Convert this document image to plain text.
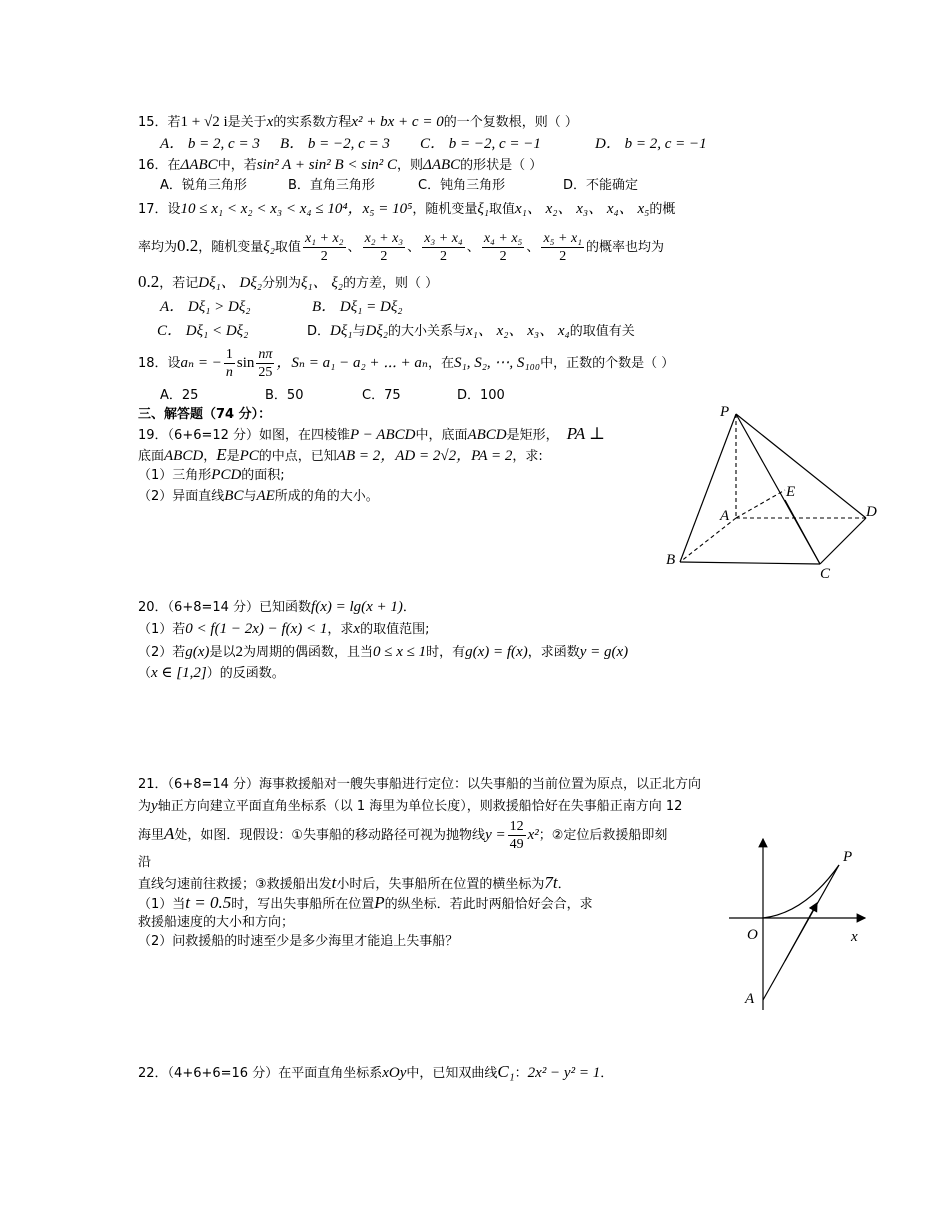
15．若1 + √2 i是关于x的实系数方程x² + bx + c = 0的一个复数根，则（ ）
A． b = 2, c = 3 B． b = −2, c = 3 C． b = −2, c = −1	D． b = 2, c = −1
16．在ΔABC中，若sin² A + sin² B < sin² C，则ΔABC的形状是（ ）
A．锐角三角形	B．直角三角形	C．钝角三角形	D．不能确定
17．设10 ≤ x₁ < x₂ < x₃ < x₄ ≤ 10⁴，x₅ = 10⁵，随机变量ξ₁取值x₁、 x₂、 x₃、 x₄、 x₅的概
率均为0.2，随机变量ξ₂取值 $\frac{\text{x₁ + x₂}}{2}$ 、 $\frac{\text{x₂ + x₃}}{2}$ 、 $\frac{\text{x₃ + x₄}}{2}$ 、 $\frac{\text{x₄ + x₅}}{2}$ 、 $\frac{\text{x₅ + x₁}}{2}$ 的概率也均为
0.2，若记Dξ₁、 Dξ₂分别为ξ₁、 ξ₂的方差，则（ ）
A． Dξ₁ > Dξ₂	B． Dξ₁ = Dξ₂
C． Dξ₁ < Dξ₂	D．Dξ₁与Dξ₂的大小关系与x₁、 x₂、 x₃、 x₄的取值有关
18．设aₙ = − $\frac{1}{n}$ $\sin \frac{n\pi}{25}$ ，Sₙ = a₁ − a₂ + ⋯ + aₙ，在S₁, S₂, ⋯, S₁₀₀中，正数的个数是（ ）
A．25	B．50	C．75	D．100
三、解答题（74 分）：
19．（6+6=12 分）如图，在四棱锥P − ABCD中，底面ABCD是矩形， PA ⊥
底面ABCD，E是PC的中点，已知AB = 2，AD = 2√2，PA = 2，求:
（1）三角形PCD的面积;
（2）异面直线BC与AE所成的角的大小。
P
A
B
C
D
E
20．（6+8=14 分）已知函数f(x) = lg(x + 1)．
（1）若0 < f(1 − 2x) − f(x) < 1，求x的取值范围;
（2）若g(x)是以2为周期的偶函数，且当0 ≤ x ≤ 1时，有g(x) = f(x)，求函数y = g(x)
（x ∈ [1,2]）的反函数。
21．（6+8=14 分）海事救援船对一艘失事船进行定位：以失事船的当前位置为原点，以正北方向
为y轴正方向建立平面直角坐标系（以 1 海里为单位长度），则救援船恰好在失事船正南方向 12
海里A处，如图．现假设：①失事船的移动路径可视为抛物线$y = \frac{12}{49} x^2$；②定位后救援船即刻
沿
直线匀速前往救援；③救援船出发t小时后，失事船所在位置的横坐标为7t．
（1）当t = 0.5时，写出失事船所在位置P的纵坐标．若此时两船恰好会合，求
救援船速度的大小和方向；
（2）问救援船的时速至少是多少海里才能追上失事船？
P
O	x
A
22．（4+6+6=16 分）在平面直角坐标系xOy中，已知双曲线C₁：2x² − y² = 1．
